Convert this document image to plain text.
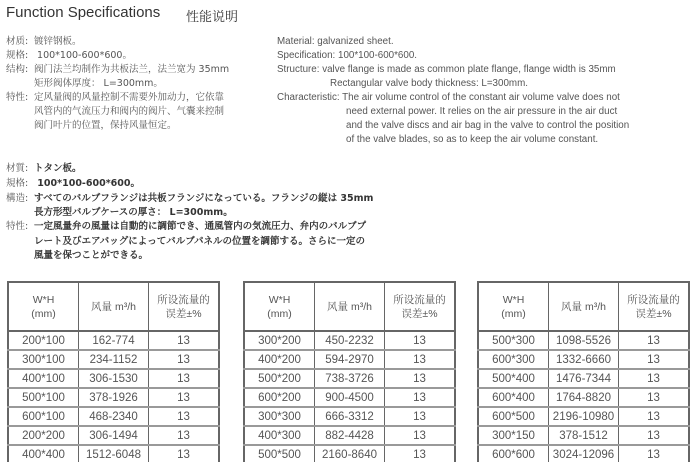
Function Specifications 性能说明
材质: 镀锌钢板。
规格: 100*100-600*600。
结构: 阀门法兰均制作为共板法兰，法兰宽为 35mm
矩形阀体厚度： L=300mm。
特性: 定风量阀的风量控制不需要外加动力，它依靠
风管内的气流压力和阀内的阀片、气囊来控制
阀门叶片的位置，保持风量恒定。
Material: galvanized sheet.
Specification: 100*100-600*600.
Structure: valve flange is made as common plate flange, flange width is 35mm
Rectangular valve body thickness: L=300mm.
Characteristic: The air volume control of the constant air volume valve does not
need external power. It relies on the air pressure in the air duct
and the valve discs and air bag in the valve to control the position
of the valve blades, so as to keep the air volume constant.
材質: トタン板。
規格: 100*100-600*600。
構造: すべてのバルブフランジは共板フランジになっている。フランジの縦は 35mm
長方形型バルブケースの厚さ： L=300mm。
特性: 一定風量弁の風量は自動的に調節でき、通風管内の気流圧力、弁内のバルブプ
レート及びエアバッグによってバルブパネルの位置を調節する。さらに一定の
風量を保つことができる。
W*H
(mm)	风量 m³/h	所设流量的
误差±%
200*100	162-774	13
300*100	234-1152	13
400*100	306-1530	13
500*100	378-1926	13
600*100	468-2340	13
200*200	306-1494	13
400*400	1512-6048	13
W*H
(mm)	风量 m³/h	所设流量的
误差±%
300*200	450-2232	13
400*200	594-2970	13
500*200	738-3726	13
600*200	900-4500	13
300*300	666-3312	13
400*300	882-4428	13
500*500	2160-8640	13
W*H
(mm)	风量 m³/h	所设流量的
误差±%
500*300	1098-5526	13
600*300	1332-6660	13
500*400	1476-7344	13
600*400	1764-8820	13
600*500	2196-10980	13
300*150	378-1512	13
600*600	3024-12096	13
